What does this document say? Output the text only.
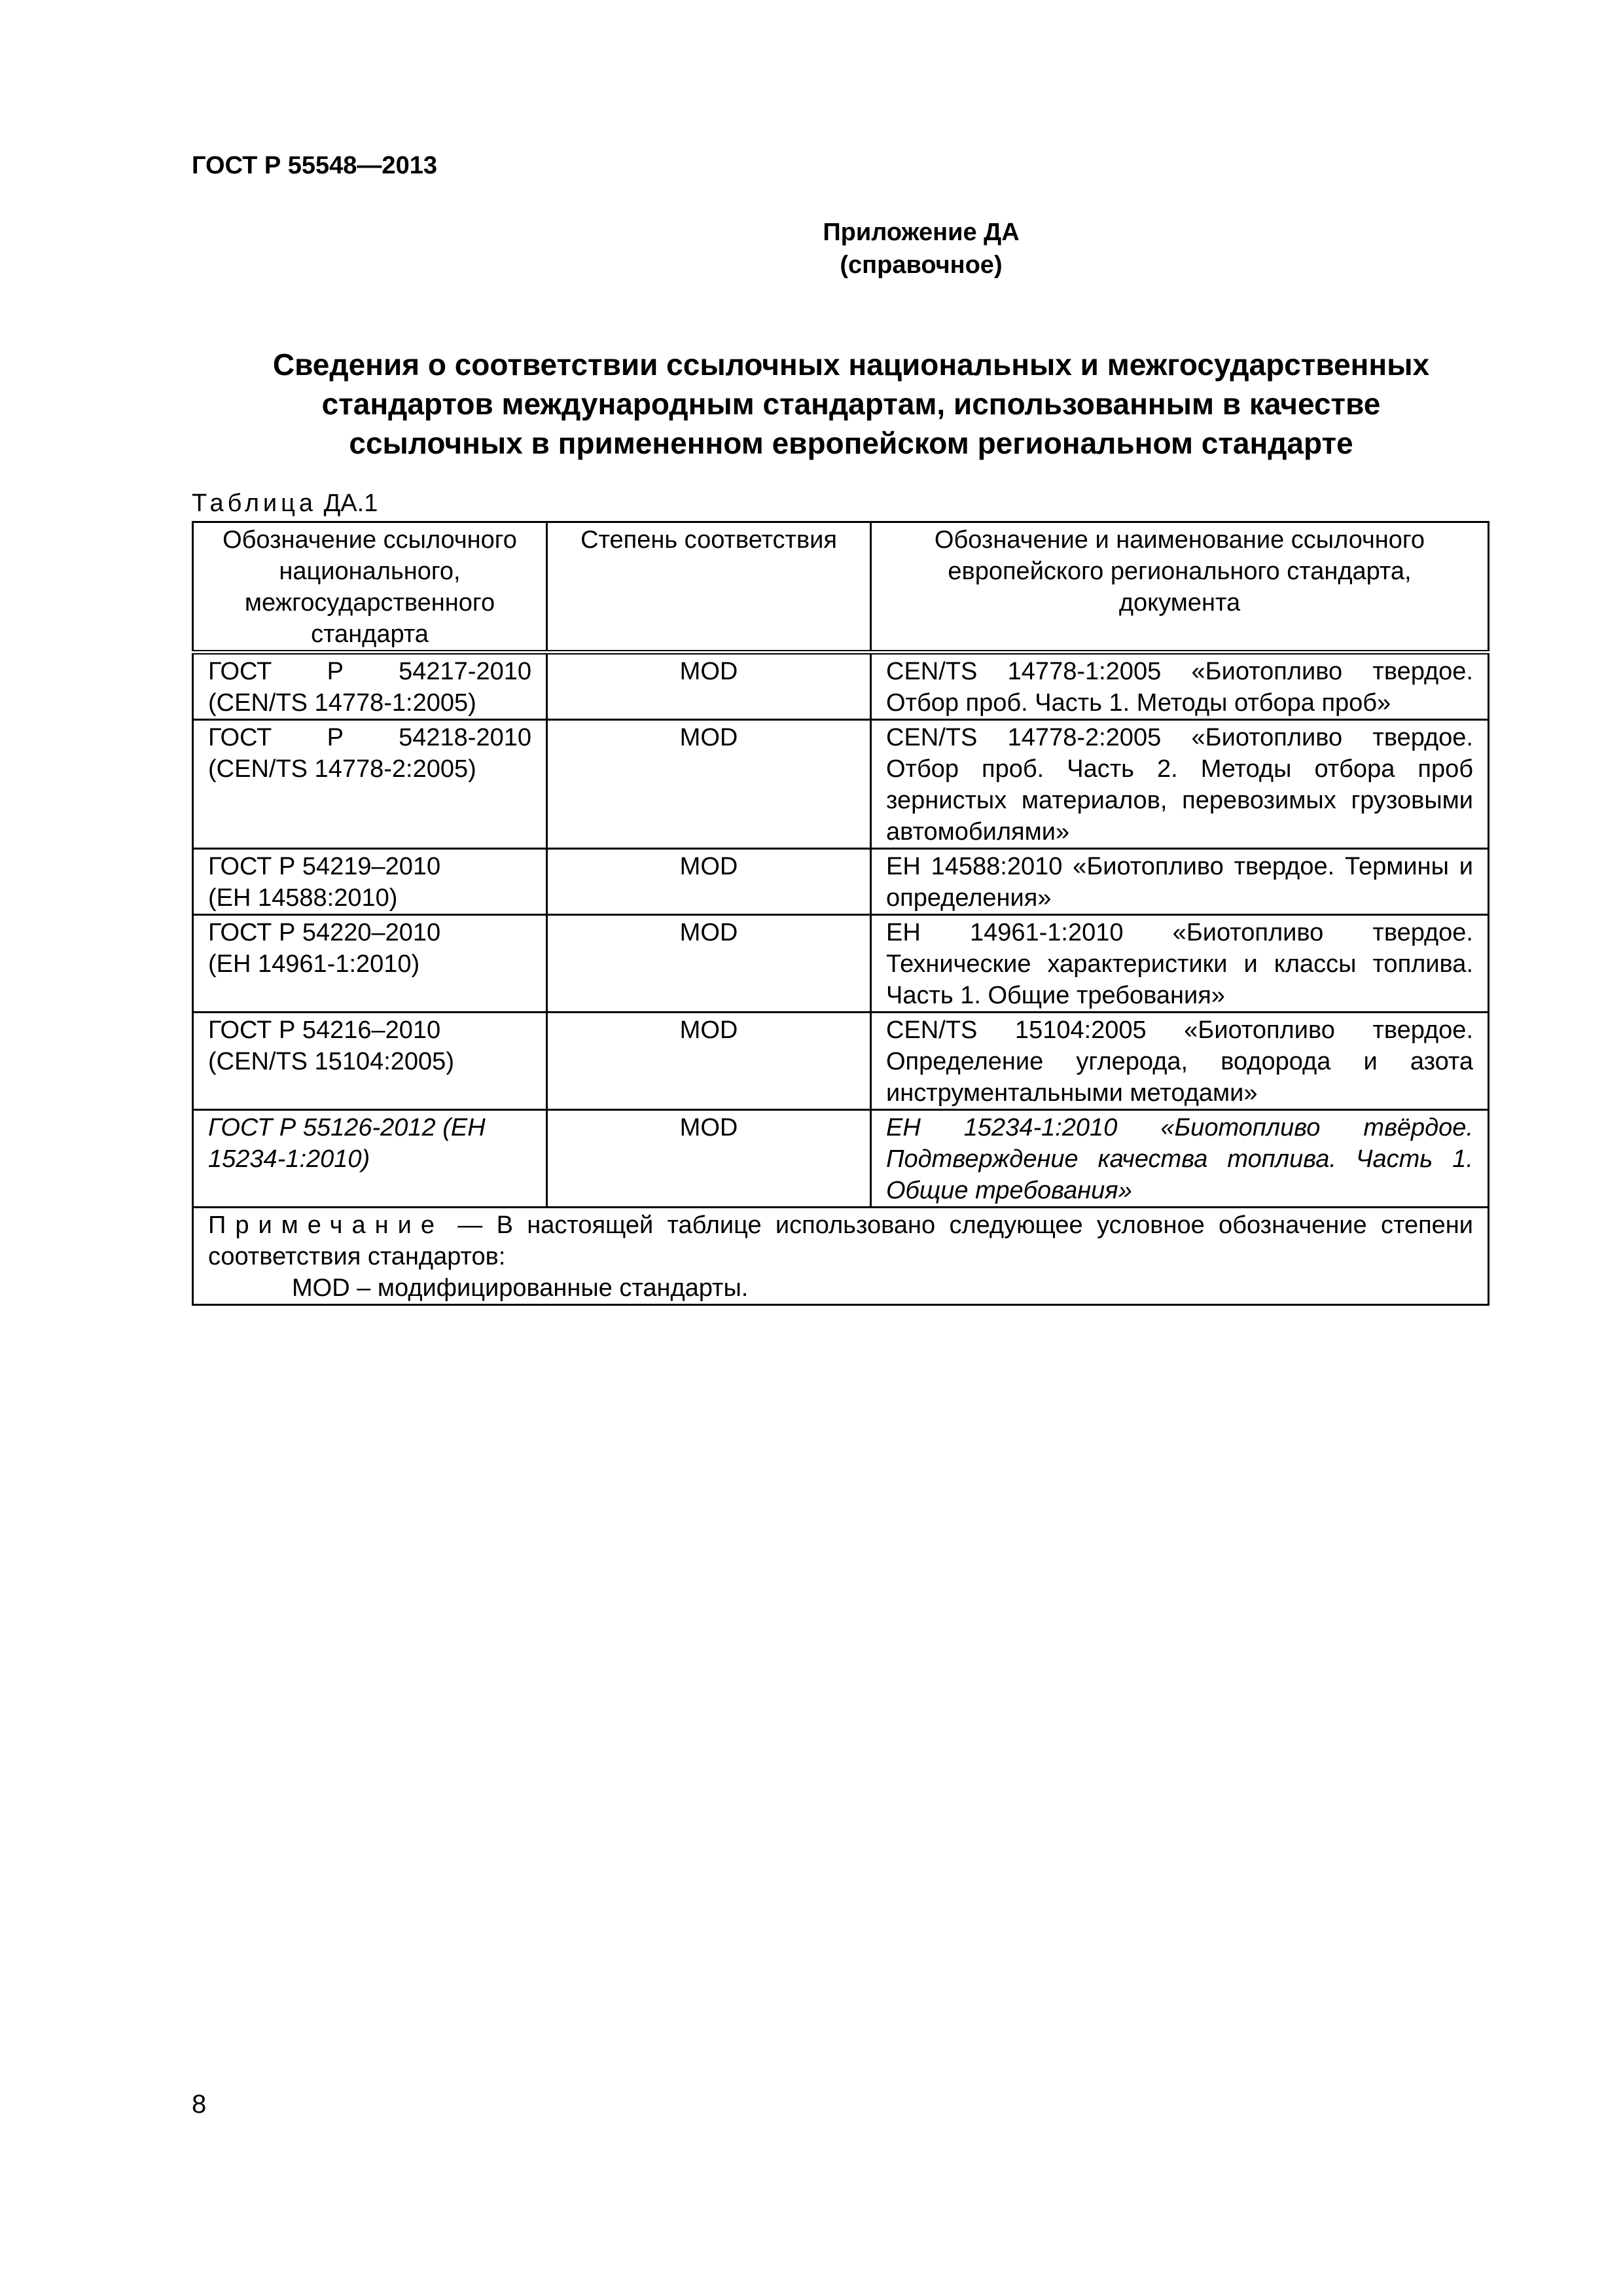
ГОСТ Р 55548—2013
Приложение ДА
(справочное)
Сведения о соответствии ссылочных национальных и межгосударственных
стандартов международным стандартам, использованным в качестве
ссылочных в примененном европейском региональном стандарте
Таблица ДА.1
Обозначение ссылочного национального, межгосударственного стандарта	Степень соответствия	Обозначение и наименование ссылочного европейского регионального стандарта, документа

ГОСТ Р 54217-2010
(CEN/TS 14778-1:2005)	MOD	CEN/TS 14778-1:2005 «Биотопливо твердое. Отбор проб. Часть 1. Методы отбора проб»

ГОСТ Р 54218-2010
(CEN/TS 14778-2:2005)	MOD	CEN/TS 14778-2:2005 «Биотопливо твердое. Отбор проб. Часть 2. Методы отбора проб зернистых материалов, перевозимых грузовыми автомобилями»

ГОСТ Р 54219–2010
(ЕН 14588:2010)	MOD	ЕН 14588:2010 «Биотопливо твердое. Термины и определения»

ГОСТ Р 54220–2010
(ЕН 14961-1:2010)	MOD	ЕН 14961-1:2010 «Биотопливо твердое. Технические характеристики и классы топлива. Часть 1. Общие требования»

ГОСТ Р 54216–2010
(CEN/TS 15104:2005)	MOD	CEN/TS 15104:2005 «Биотопливо твердое. Определение углерода, водорода и азота инструментальными методами»

ГОСТ Р 55126-2012 (ЕН
15234-1:2010)	MOD	ЕН 15234-1:2010 «Биотопливо твёрдое. Подтверждение качества топлива. Часть 1. Общие требования»

Примечание — В настоящей таблице использовано следующее условное обозначение степени соответствия стандартов:
MOD – модифицированные стандарты.		
8
